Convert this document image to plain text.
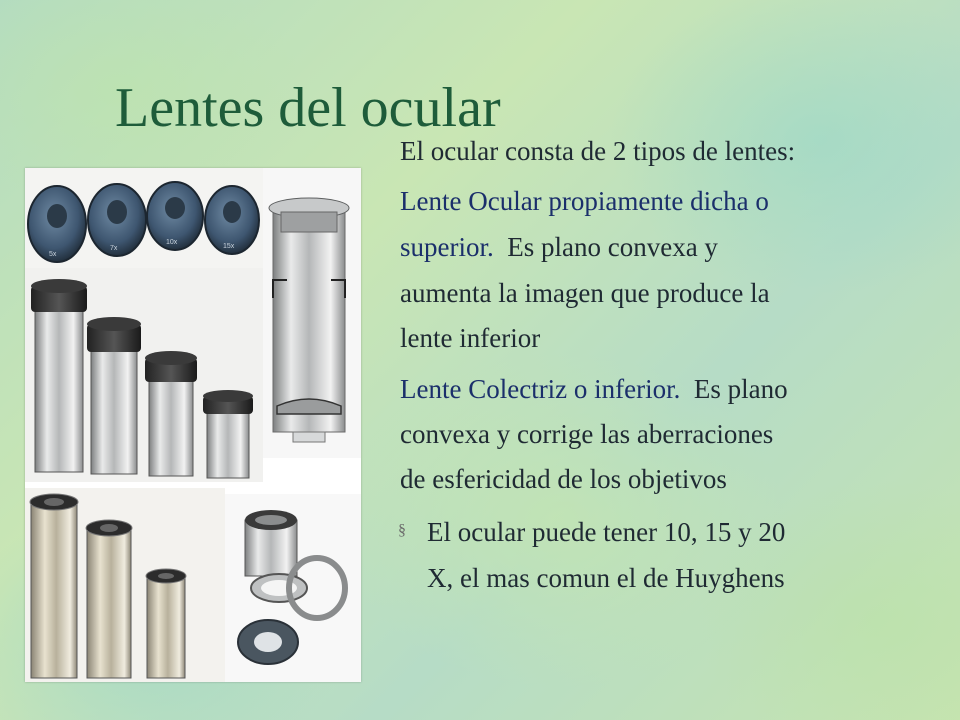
5x
7x
10x
15x
Lentes del ocular
El ocular consta de 2 tipos de lentes:
Lente Ocular propiamente dicha o
superior. Es plano convexa y
aumenta la imagen que produce la
lente inferior
Lente Colectriz o inferior. Es plano
convexa y corrige las aberraciones
de esfericidad de los objetivos
§ El ocular puede tener 10, 15 y 20
X, el mas comun el de Huyghens
